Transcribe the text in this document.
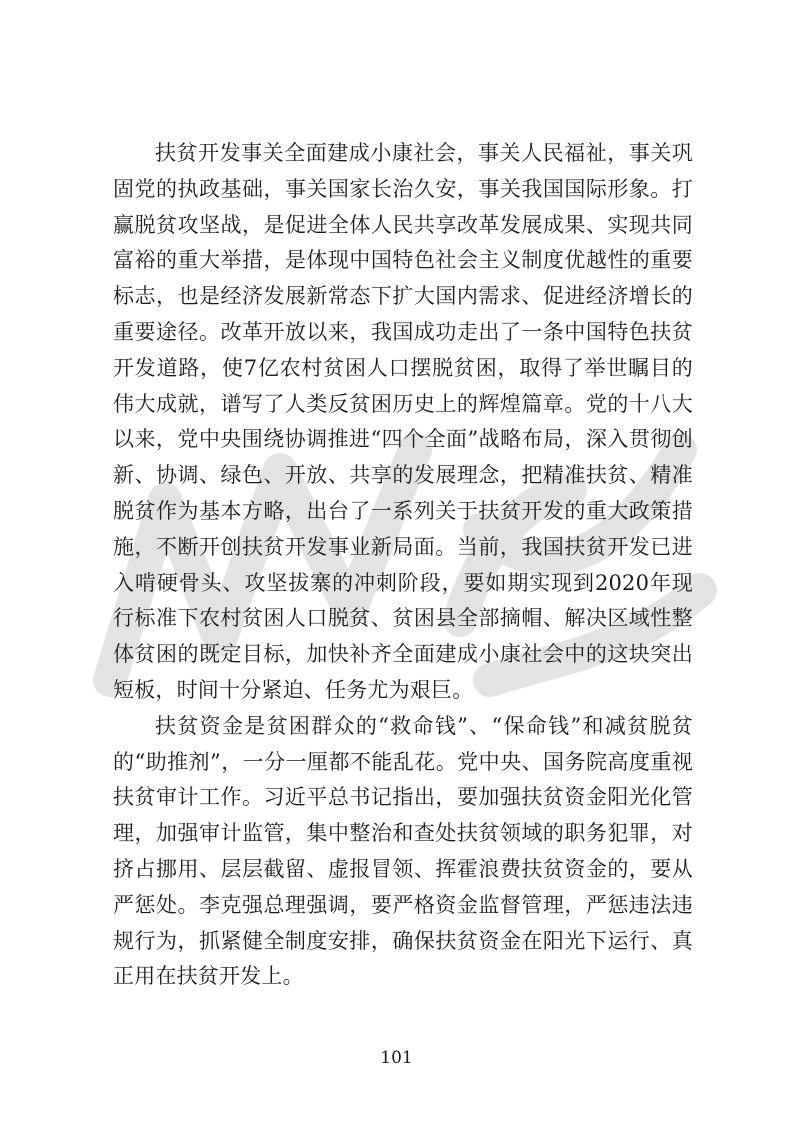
扶贫开发事关全面建成小康社会，事关人民福祉，事关巩固党的执政基础，事关国家长治久安，事关我国国际形象。打赢脱贫攻坚战，是促进全体人民共享改革发展成果、实现共同富裕的重大举措，是体现中国特色社会主义制度优越性的重要标志，也是经济发展新常态下扩大国内需求、促进经济增长的重要途径。改革开放以来，我国成功走出了一条中国特色扶贫开发道路，使7亿农村贫困人口摆脱贫困，取得了举世瞩目的伟大成就，谱写了人类反贫困历史上的辉煌篇章。党的十八大以来，党中央围绕协调推进“四个全面”战略布局，深入贯彻创新、协调、绿色、开放、共享的发展理念，把精准扶贫、精准脱贫作为基本方略，出台了一系列关于扶贫开发的重大政策措施，不断开创扶贫开发事业新局面。当前，我国扶贫开发已进入啃硬骨头、攻坚拔寨的冲刺阶段，要如期实现到2020年现行标准下农村贫困人口脱贫、贫困县全部摘帽、解决区域性整体贫困的既定目标，加快补齐全面建成小康社会中的这块突出短板，时间十分紧迫、任务尤为艰巨。

扶贫资金是贫困群众的“救命钱”、“保命钱”和减贫脱贫的“助推剂”，一分一厘都不能乱花。党中央、国务院高度重视扶贫审计工作。习近平总书记指出，要加强扶贫资金阳光化管理，加强审计监管，集中整治和查处扶贫领域的职务犯罪，对挤占挪用、层层截留、虚报冒领、挥霍浪费扶贫资金的，要从严惩处。李克强总理强调，要严格资金监督管理，严惩违法违规行为，抓紧健全制度安排，确保扶贫资金在阳光下运行、真正用在扶贫开发上。

101
